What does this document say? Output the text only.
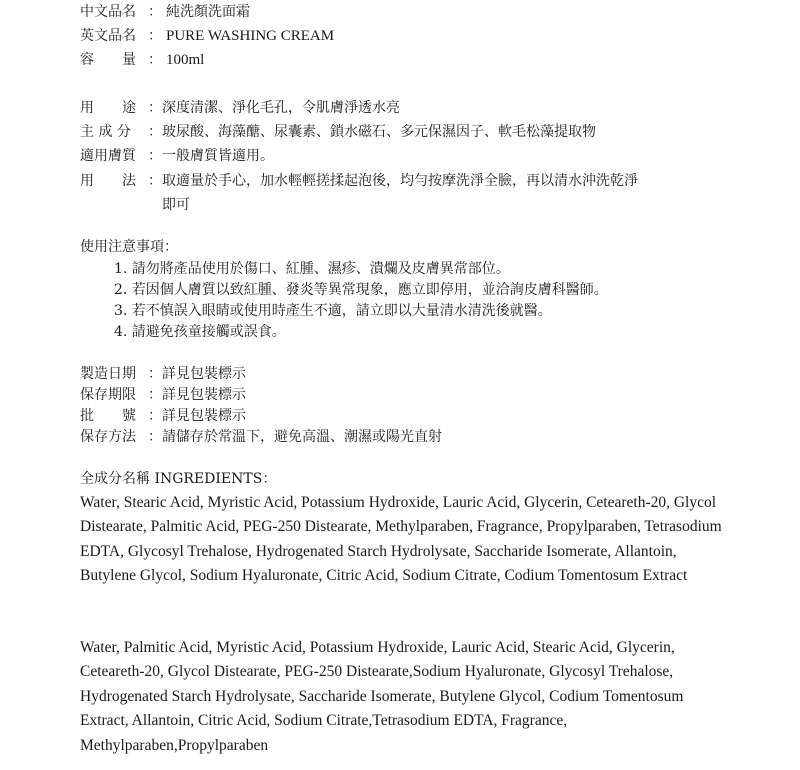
中文品名 ： 純洗顏洗面霜
英文品名 ： PURE WASHING CREAM
容　　量 ： 100ml
用　　途 ：深度清潔、淨化毛孔，令肌膚淨透水亮
主 成 分 ：玻尿酸、海藻醣、尿囊素、鎖水磁石、多元保濕因子、軟毛松藻提取物
適用膚質 ：一般膚質皆適用。
用　　法 ：取適量於手心，加水輕輕搓揉起泡後，均勻按摩洗淨全臉，再以清水沖洗乾淨
即可
使用注意事項：
1. 請勿將產品使用於傷口、紅腫、濕疹、潰爛及皮膚異常部位。
2. 若因個人膚質以致紅腫、發炎等異常現象，應立即停用，並洽詢皮膚科醫師。
3. 若不慎誤入眼睛或使用時產生不適，請立即以大量清水清洗後就醫。
4. 請避免孩童接觸或誤食。
製造日期 ：詳見包裝標示
保存期限 ：詳見包裝標示
批　　號 ：詳見包裝標示
保存方法 ：請儲存於常溫下，避免高溫、潮濕或陽光直射
全成分名稱 INGREDIENTS：
Water, Stearic Acid, Myristic Acid, Potassium Hydroxide, Lauric Acid, Glycerin, Ceteareth-20, Glycol Distearate, Palmitic Acid, PEG-250 Distearate, Methylparaben, Fragrance, Propylparaben, Tetrasodium EDTA, Glycosyl Trehalose, Hydrogenated Starch Hydrolysate, Saccharide Isomerate, Allantoin, Butylene Glycol, Sodium Hyaluronate, Citric Acid, Sodium Citrate, Codium Tomentosum Extract
Water, Palmitic Acid, Myristic Acid, Potassium Hydroxide, Lauric Acid, Stearic Acid, Glycerin, Ceteareth-20, Glycol Distearate, PEG-250 Distearate,Sodium Hyaluronate, Glycosyl Trehalose, Hydrogenated Starch Hydrolysate, Saccharide Isomerate, Butylene Glycol, Codium Tomentosum Extract, Allantoin, Citric Acid, Sodium Citrate,Tetrasodium EDTA, Fragrance, Methylparaben,Propylparaben
